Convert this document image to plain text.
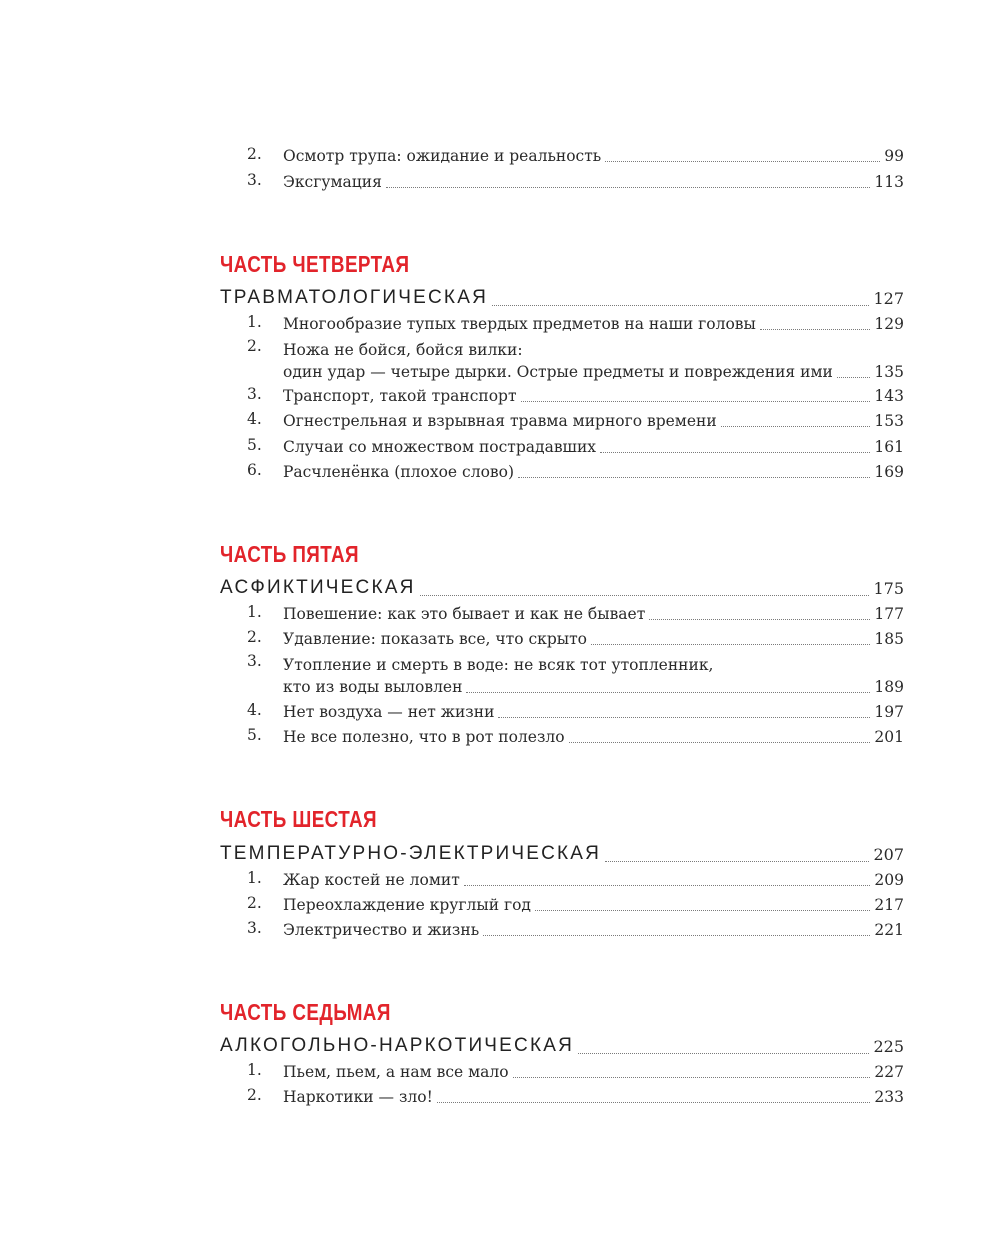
2.	Осмотр трупа: ожидание и реальность	99
3.	Эксгумация	113
ЧАСТЬ ЧЕТВЕРТАЯ
ТРАВМАТОЛОГИЧЕСКАЯ	127
1.	Многообразие тупых твердых предметов на наши головы	129
2.	Ножа не бойся, бойся вилки:
один удар — четыре дырки. Острые предметы и повреждения ими	135
3.	Транспорт, такой транспорт	143
4.	Огнестрельная и взрывная травма мирного времени	153
5.	Случаи со множеством пострадавших	161
6.	Расчленёнка (плохое слово)	169
ЧАСТЬ ПЯТАЯ
АСФИКТИЧЕСКАЯ	175
1.	Повешение: как это бывает и как не бывает	177
2.	Удавление: показать все, что скрыто	185
3.	Утопление и смерть в воде: не всяк тот утопленник,
кто из воды выловлен	189
4.	Нет воздуха — нет жизни	197
5.	Не все полезно, что в рот полезло	201
ЧАСТЬ ШЕСТАЯ
ТЕМПЕРАТУРНО-ЭЛЕКТРИЧЕСКАЯ	207
1.	Жар костей не ломит	209
2.	Переохлаждение круглый год	217
3.	Электричество и жизнь	221
ЧАСТЬ СЕДЬМАЯ
АЛКОГОЛЬНО-НАРКОТИЧЕСКАЯ	225
1.	Пьем, пьем, а нам все мало	227
2.	Наркотики — зло!	233
